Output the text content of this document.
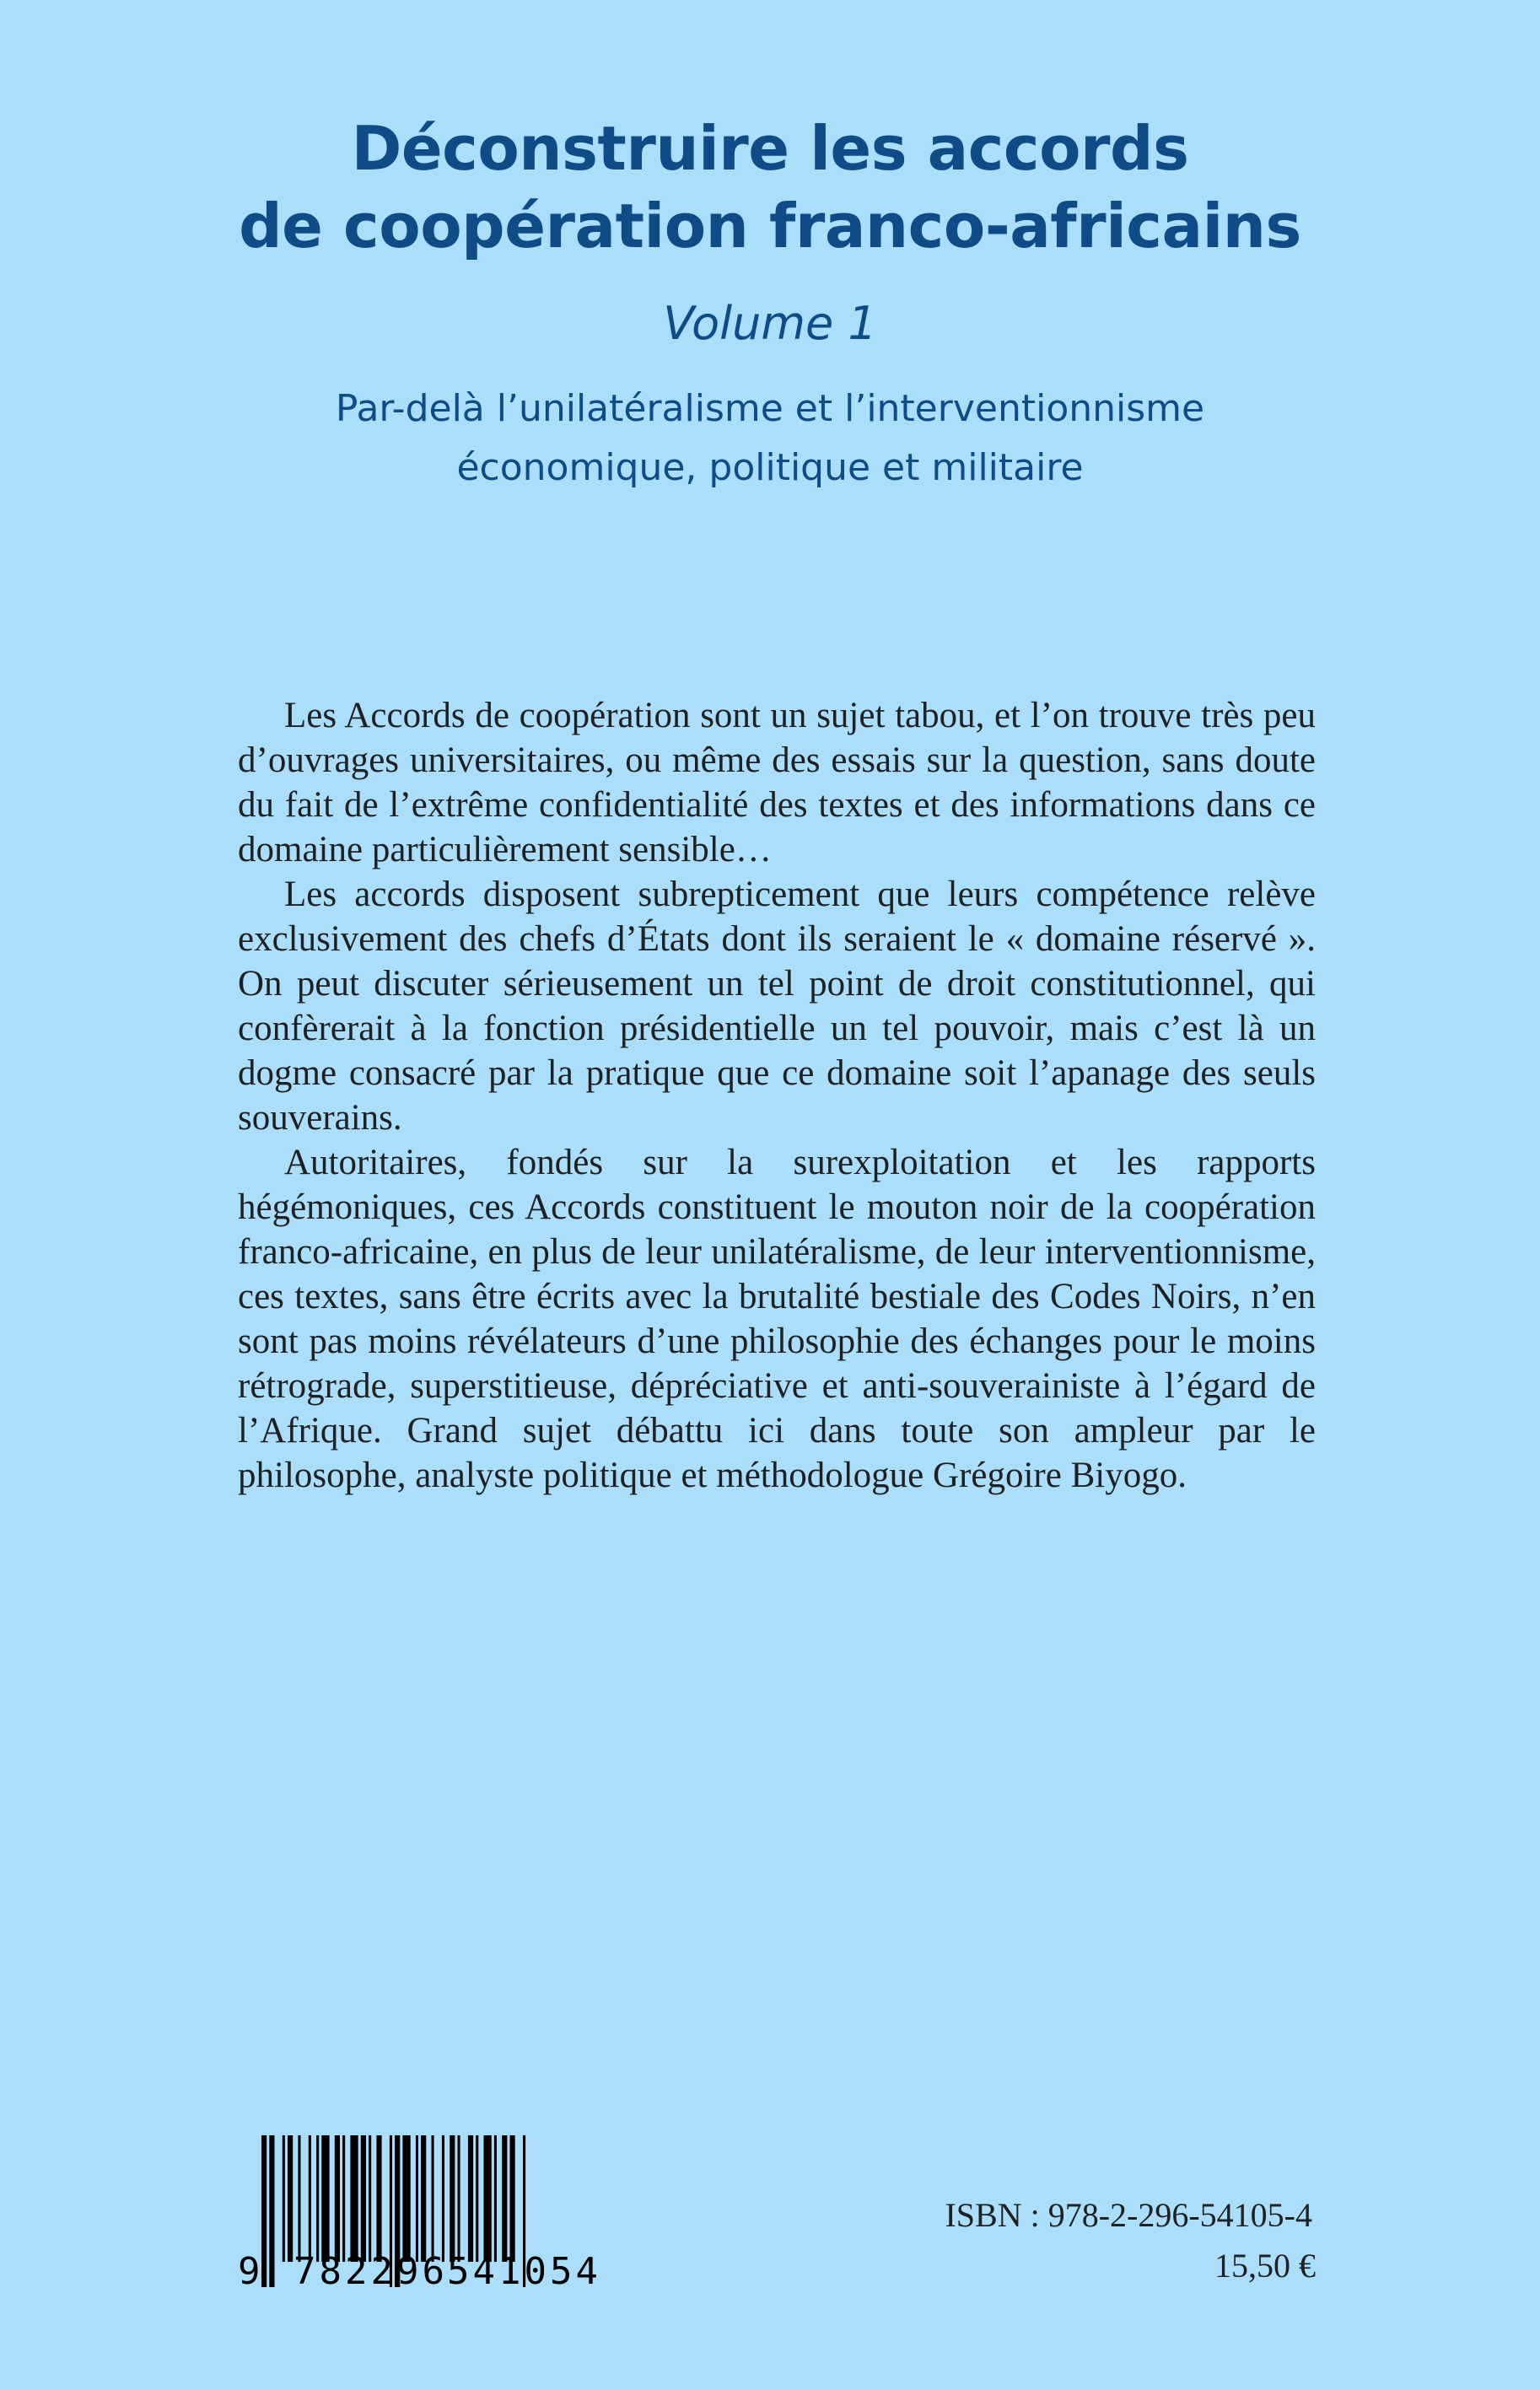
Déconstruire les accords
de coopération franco-africains
Volume 1
Par-delà l’unilatéralisme et l’interventionnisme
économique, politique et militaire

Les Accords de coopération sont un sujet tabou, et l’on trouve très peu d’ouvrages universitaires, ou même des essais sur la question, sans doute du fait de l’extrême confidentialité des textes et des informations dans ce domaine particulièrement sensible…

Les accords disposent subrepticement que leurs compétence relève exclusivement des chefs d’États dont ils seraient le « domaine réservé ». On peut discuter sérieusement un tel point de droit constitutionnel, qui confèrerait à la fonction présidentielle un tel pouvoir, mais c’est là un dogme consacré par la pratique que ce domaine soit l’apanage des seuls souverains.

Autoritaires, fondés sur la surexploitation et les rapports hégémoniques, ces Accords constituent le mouton noir de la coopération franco-africaine, en plus de leur unilatéralisme, de leur interventionnisme, ces textes, sans être écrits avec la brutalité bestiale des Codes Noirs, n’en sont pas moins révélateurs d’une philosophie des échanges pour le moins rétrograde, superstitieuse, dépréciative et anti-souverainiste à l’égard de l’Afrique. Grand sujet débattu ici dans toute son ampleur par le philosophe, analyste politique et méthodologue Grégoire Biyogo.

9 782296 541054
ISBN : 978-2-296-54105-4
15,50 €
